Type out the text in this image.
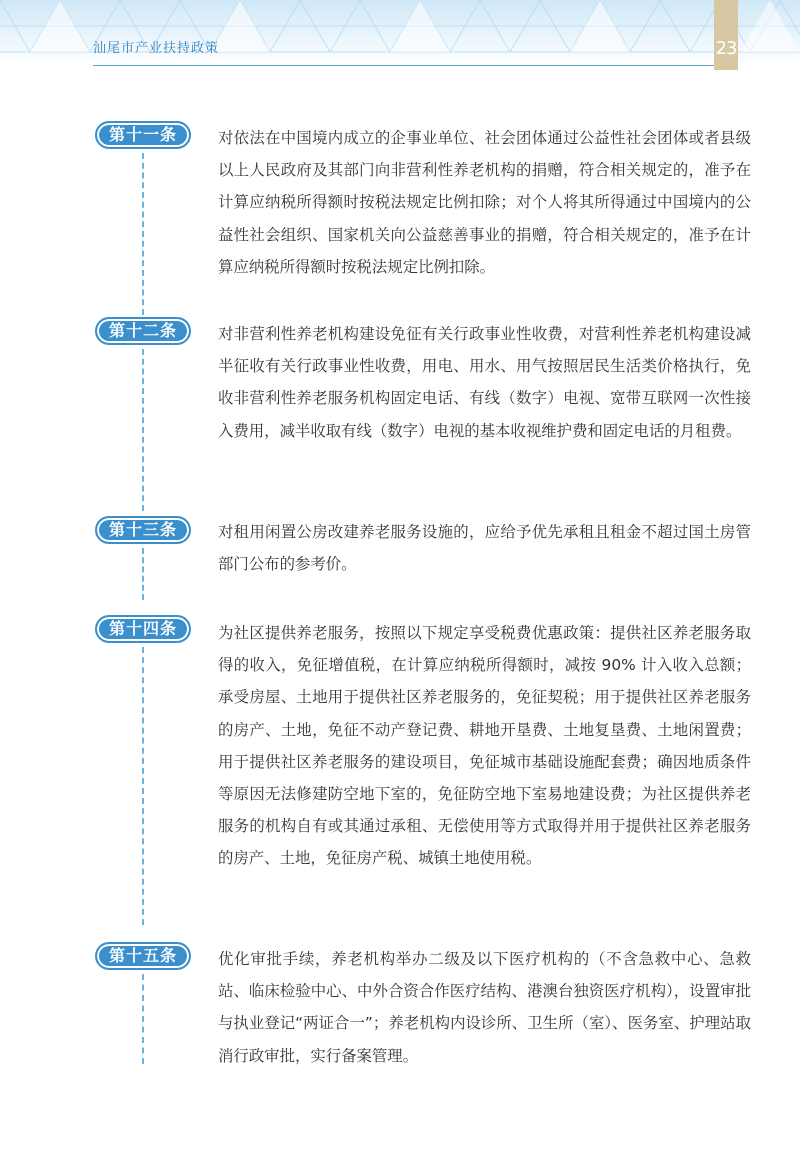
汕尾市产业扶持政策	23
第十一条	对依法在中国境内成立的企事业单位、社会团体通过公益性社会团体或者县级以上人民政府及其部门向非营利性养老机构的捐赠，符合相关规定的，准予在计算应纳税所得额时按税法规定比例扣除；对个人将其所得通过中国境内的公益性社会组织、国家机关向公益慈善事业的捐赠，符合相关规定的，准予在计算应纳税所得额时按税法规定比例扣除。

第十二条	对非营利性养老机构建设免征有关行政事业性收费，对营利性养老机构建设减半征收有关行政事业性收费，用电、用水、用气按照居民生活类价格执行，免收非营利性养老服务机构固定电话、有线（数字）电视、宽带互联网一次性接入费用，减半收取有线（数字）电视的基本收视维护费和固定电话的月租费。

第十三条	对租用闲置公房改建养老服务设施的，应给予优先承租且租金不超过国土房管部门公布的参考价。

第十四条	为社区提供养老服务，按照以下规定享受税费优惠政策：提供社区养老服务取得的收入，免征增值税，在计算应纳税所得额时，减按 90% 计入收入总额；承受房屋、土地用于提供社区养老服务的，免征契税；用于提供社区养老服务的房产、土地，免征不动产登记费、耕地开垦费、土地复垦费、土地闲置费；用于提供社区养老服务的建设项目，免征城市基础设施配套费；确因地质条件等原因无法修建防空地下室的，免征防空地下室易地建设费；为社区提供养老服务的机构自有或其通过承租、无偿使用等方式取得并用于提供社区养老服务的房产、土地，免征房产税、城镇土地使用税。

第十五条	优化审批手续，养老机构举办二级及以下医疗机构的（不含急救中心、急救站、临床检验中心、中外合资合作医疗结构、港澳台独资医疗机构），设置审批与执业登记“两证合一”；养老机构内设诊所、卫生所（室）、医务室、护理站取消行政审批，实行备案管理。
